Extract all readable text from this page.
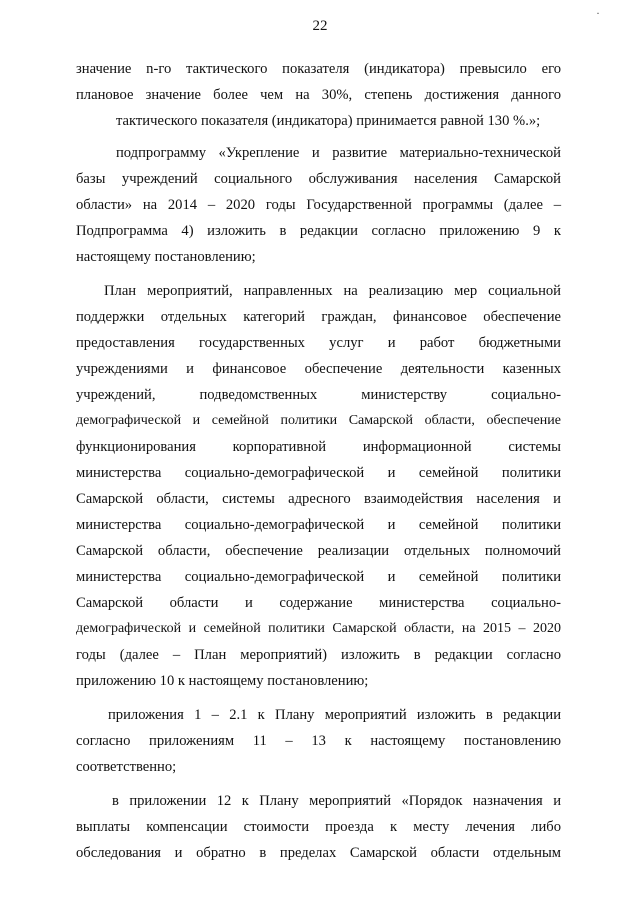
22
·
значение n-го тактического показателя (индикатора) превысило его
плановое значение более чем на 30%, степень достижения данного
тактического показателя (индикатора) принимается равной 130 %.»;
подпрограмму «Укрепление и развитие материально-технической
базы учреждений социального обслуживания населения Самарской
области» на 2014 – 2020 годы Государственной программы (далее –
Подпрограмма 4) изложить в редакции согласно приложению 9 к
настоящему постановлению;
План мероприятий, направленных на реализацию мер социальной
поддержки отдельных категорий граждан, финансовое обеспечение
предоставления государственных услуг и работ бюджетными
учреждениями и финансовое обеспечение деятельности казенных
учреждений, подведомственных министерству социально-
демографической и семейной политики Самарской области, обеспечение
функционирования корпоративной информационной системы
министерства социально-демографической и семейной политики
Самарской области, системы адресного взаимодействия населения и
министерства социально-демографической и семейной политики
Самарской области, обеспечение реализации отдельных полномочий
министерства социально-демографической и семейной политики
Самарской области и содержание министерства социально-
демографической и семейной политики Самарской области, на 2015 – 2020
годы (далее – План мероприятий) изложить в редакции согласно
приложению 10 к настоящему постановлению;
приложения 1 – 2.1 к Плану мероприятий изложить в редакции
согласно приложениям 11 – 13 к настоящему постановлению
соответственно;
в приложении 12 к Плану мероприятий «Порядок назначения и
выплаты компенсации стоимости проезда к месту лечения либо
обследования и обратно в пределах Самарской области отдельным
